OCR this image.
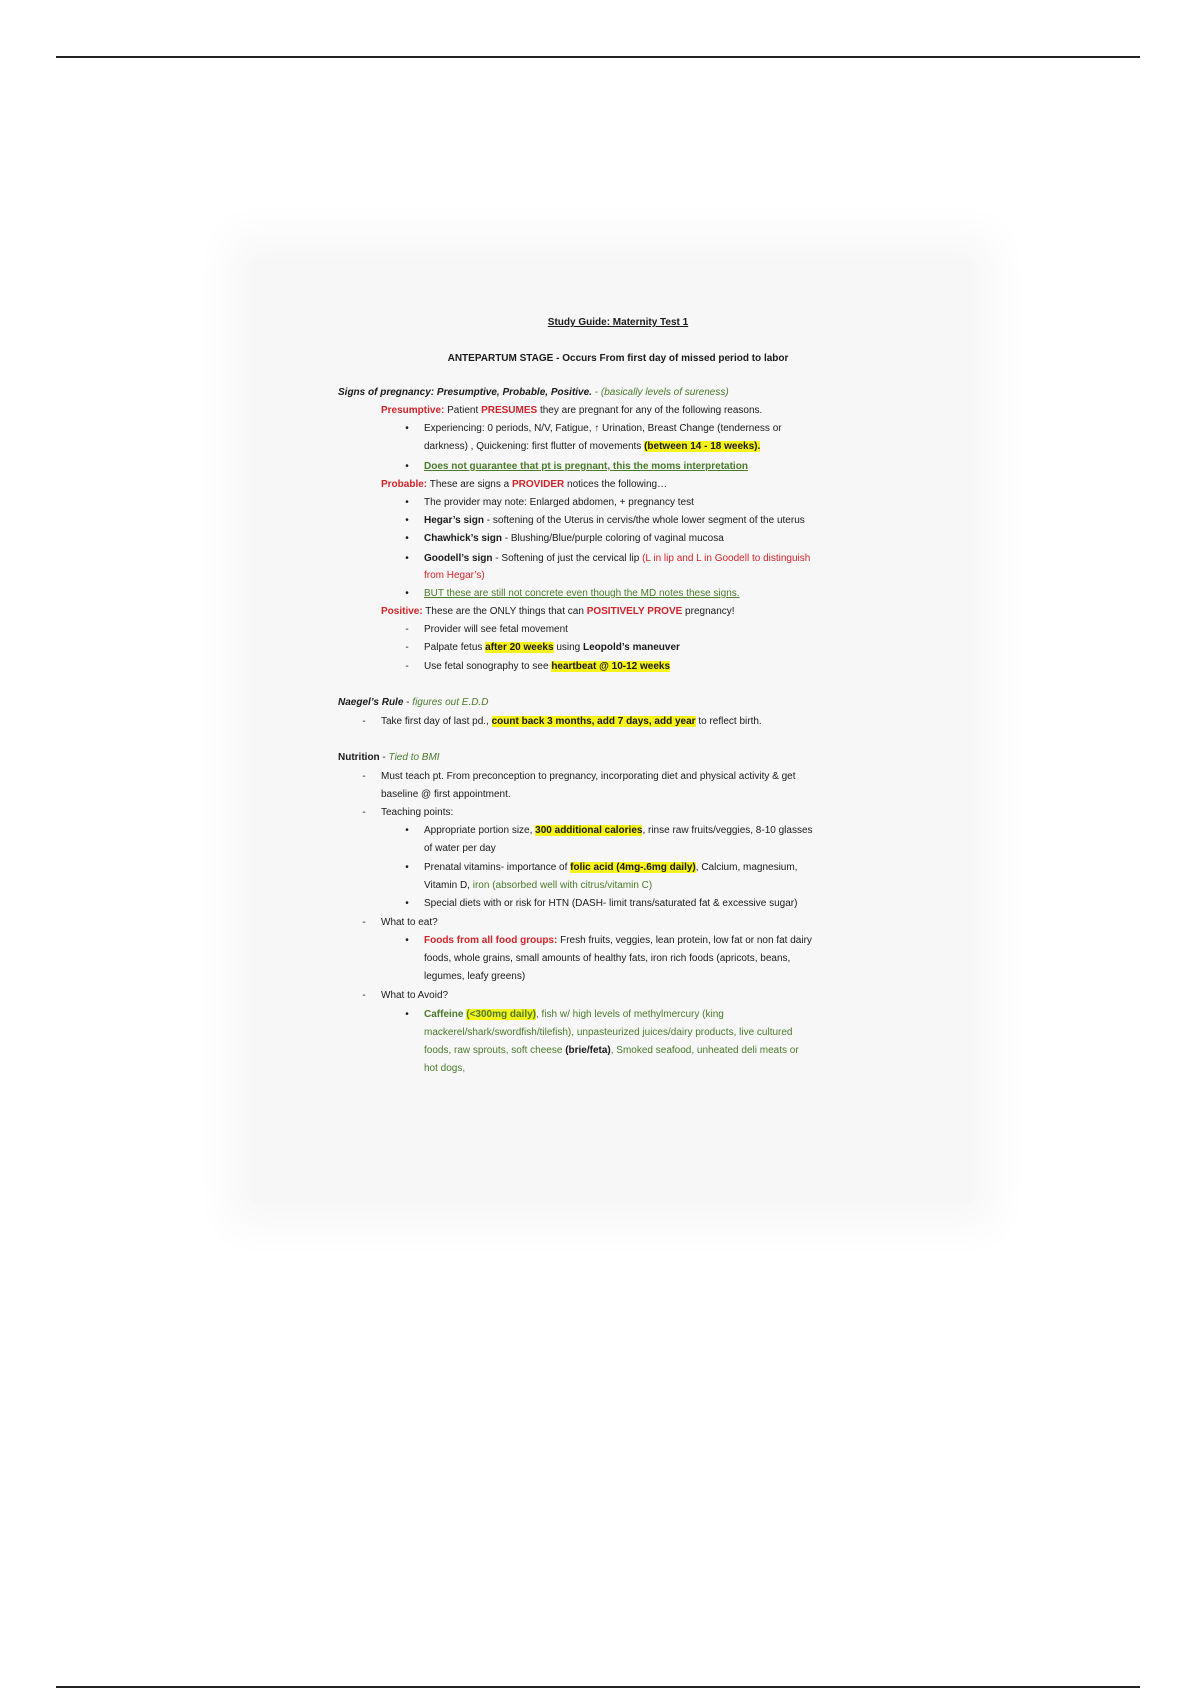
Study Guide: Maternity Test 1
ANTEPARTUM STAGE - Occurs From first day of missed period to labor
Signs of pregnancy: Presumptive, Probable, Positive. - (basically levels of sureness)
Presumptive: Patient PRESUMES they are pregnant for any of the following reasons.
•	Experiencing: 0 periods, N/V, Fatigue, ↑ Urination, Breast Change (tenderness or
darkness) , Quickening: first flutter of movements (between 14 - 18 weeks).
•	Does not guarantee that pt is pregnant, this the moms interpretation
Probable: These are signs a PROVIDER notices the following…
•	The provider may note: Enlarged abdomen, + pregnancy test
•	Hegar’s sign - softening of the Uterus in cervis/the whole lower segment of the uterus
•	Chawhick’s sign - Blushing/Blue/purple coloring of vaginal mucosa
•	Goodell’s sign - Softening of just the cervical lip (L in lip and L in Goodell to distinguish
from Hegar’s)
•	BUT these are still not concrete even though the MD notes these signs.
Positive: These are the ONLY things that can POSITIVELY PROVE pregnancy!
-	Provider will see fetal movement
-	Palpate fetus after 20 weeks using Leopold’s maneuver
-	Use fetal sonography to see heartbeat @ 10-12 weeks
Naegel’s Rule - figures out E.D.D
-	Take first day of last pd., count back 3 months, add 7 days, add year to reflect birth.
Nutrition - Tied to BMI
-	Must teach pt. From preconception to pregnancy, incorporating diet and physical activity & get
baseline @ first appointment.
-	Teaching points:
•	Appropriate portion size, 300 additional calories, rinse raw fruits/veggies, 8-10 glasses
of water per day
•	Prenatal vitamins- importance of folic acid (4mg-.6mg daily), Calcium, magnesium,
Vitamin D, iron (absorbed well with citrus/vitamin C)
•	Special diets with or risk for HTN (DASH- limit trans/saturated fat & excessive sugar)
-	What to eat?
•	Foods from all food groups: Fresh fruits, veggies, lean protein, low fat or non fat dairy
foods, whole grains, small amounts of healthy fats, iron rich foods (apricots, beans,
legumes, leafy greens)
-	What to Avoid?
•	Caffeine (<300mg daily), fish w/ high levels of methylmercury (king
mackerel/shark/swordfish/tilefish), unpasteurized juices/dairy products, live cultured
foods, raw sprouts, soft cheese (brie/feta), Smoked seafood, unheated deli meats or
hot dogs,
